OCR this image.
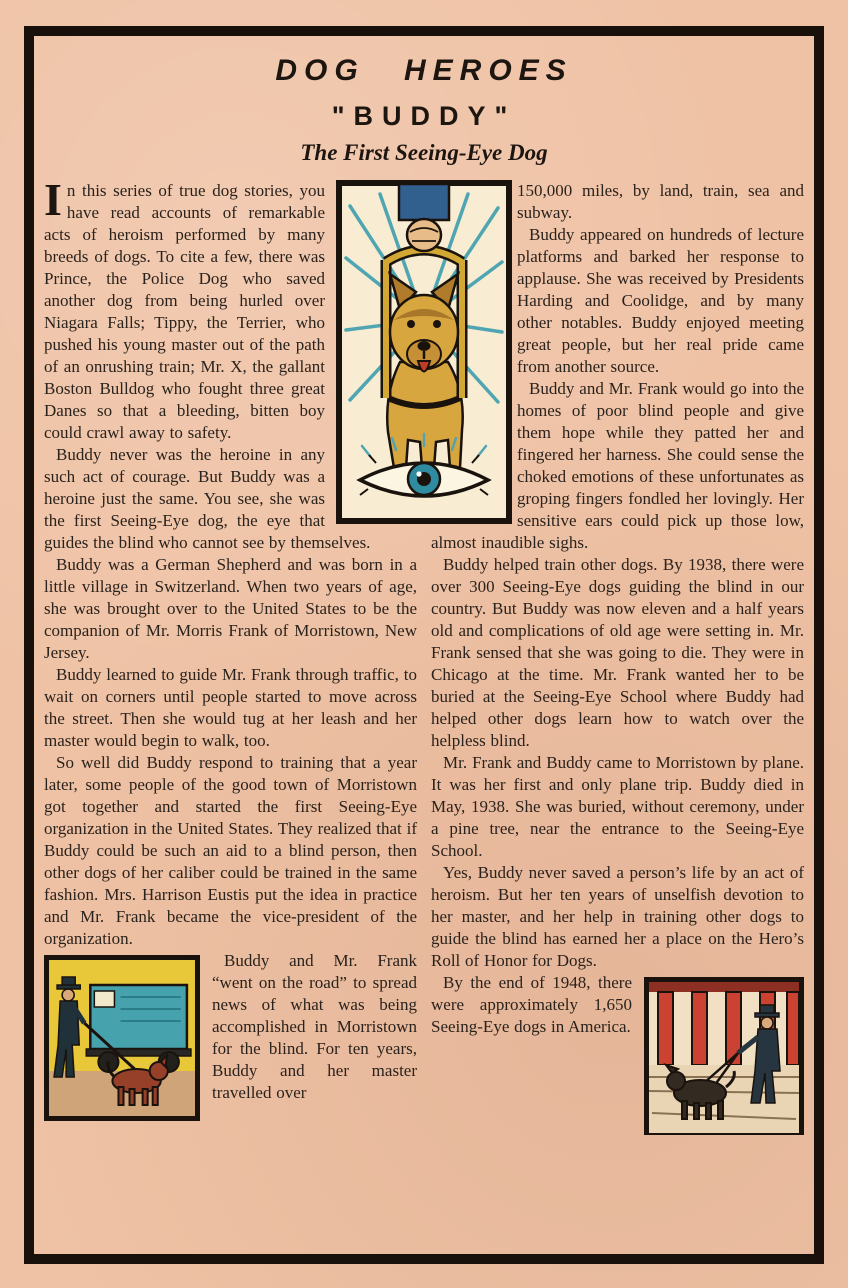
DOG HEROES
"BUDDY"
The First Seeing-Eye Dog

In this series of true dog stories, you have read accounts of remarkable acts of heroism performed by many breeds of dogs. To cite a few, there was Prince, the Police Dog who saved another dog from being hurled over Niagara Falls; Tippy, the Terrier, who pushed his young master out of the path of an onrushing train; Mr. X, the gallant Boston Bulldog who fought three great Danes so that a bleeding, bitten boy could crawl away to safety.

Buddy never was the heroine in any such act of courage. But Buddy was a heroine just the same. You see, she was the first Seeing-Eye dog, the eye that guides the blind who cannot see by themselves.

Buddy was a German Shepherd and was born in a little village in Switzerland. When two years of age, she was brought over to the United States to be the companion of Mr. Morris Frank of Morristown, New Jersey.

Buddy learned to guide Mr. Frank through traffic, to wait on corners until people started to move across the street. Then she would tug at her leash and her master would begin to walk, too.

So well did Buddy respond to training that a year later, some people of the good town of Morristown got together and started the first Seeing-Eye organization in the United States. They realized that if Buddy could be such an aid to a blind person, then other dogs of her caliber could be trained in the same fashion. Mrs. Harrison Eustis put the idea in practice and Mr. Frank became the vice-president of the organization.

Buddy and Mr. Frank “went on the road” to spread news of what was being accomplished in Morristown for the blind. For ten years, Buddy and her master travelled over

150,000 miles, by land, train, sea and subway.

Buddy appeared on hundreds of lecture platforms and barked her response to applause. She was received by Presidents Harding and Coolidge, and by many other notables. Buddy enjoyed meeting great people, but her real pride came from another source.

Buddy and Mr. Frank would go into the homes of poor blind people and give them hope while they patted her and fingered her harness. She could sense the choked emotions of these unfortunates as groping fingers fondled her lovingly. Her sensitive ears could pick up those low, almost inaudible sighs.

Buddy helped train other dogs. By 1938, there were over 300 Seeing-Eye dogs guiding the blind in our country. But Buddy was now eleven and a half years old and complications of old age were setting in. Mr. Frank sensed that she was going to die. They were in Chicago at the time. Mr. Frank wanted her to be buried at the Seeing-Eye School where Buddy had helped other dogs learn how to watch over the helpless blind.

Mr. Frank and Buddy came to Morristown by plane. It was her first and only plane trip. Buddy died in May, 1938. She was buried, without ceremony, under a pine tree, near the entrance to the Seeing-Eye School.

Yes, Buddy never saved a person’s life by an act of heroism. But her ten years of unselfish devotion to her master, and her help in training other dogs to guide the blind has earned her a place on the Hero’s Roll of Honor for Dogs.

By the end of 1948, there were approximately 1,650 Seeing-Eye dogs in America.
